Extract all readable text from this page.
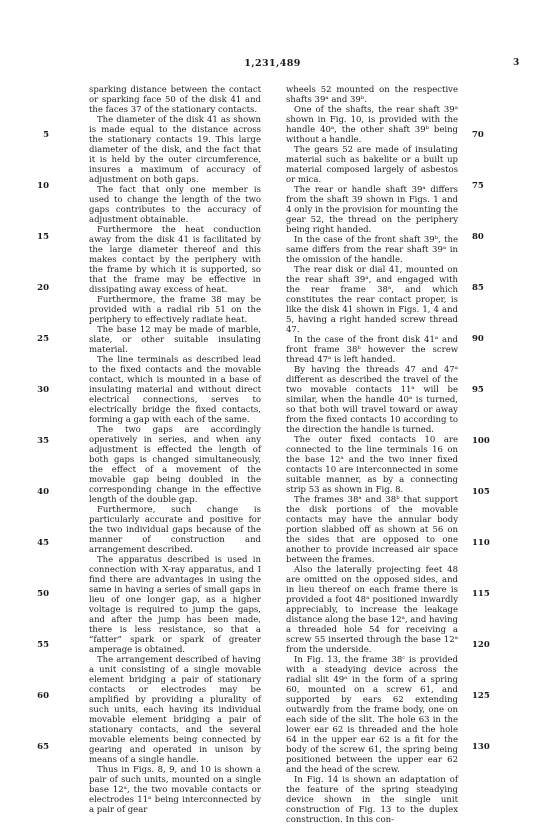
1,231,489	3

sparking distance between the contact or sparking face 50 of the disk 41 and the faces 37 of the stationary contacts.

The diameter of the disk 41 as shown is made equal to the distance across the stationary contacts 19. This large diameter of the disk, and the fact that it is held by the outer circumference, insures a maximum of accuracy of adjustment on both gaps.

The fact that only one member is used to change the length of the two gaps contributes to the accuracy of adjustment obtainable.

Furthermore the heat conduction away from the disk 41 is facilitated by the large diameter thereof and this makes contact by the periphery with the frame by which it is supported, so that the frame may be effective in dissipating away excess of heat.

Furthermore, the frame 38 may be provided with a radial rib 51 on the periphery to effectively radiate heat.

The base 12 may be made of marble, slate, or other suitable insulating material.

The line terminals as described lead to the fixed contacts and the movable contact, which is mounted in a base of insulating material and without direct electrical connections, serves to electrically bridge the fixed contacts, forming a gap with each of the same.

The two gaps are accordingly operatively in series, and when any adjustment is effected the length of both gaps is changed simultaneously, the effect of a movement of the movable gap being doubled in the corresponding change in the effective length of the double gap.

Furthermore, such change is particularly accurate and positive for the two individual gaps because of the manner of construction and arrangement described.

The apparatus described is used in connection with X-ray apparatus, and I find there are advantages in using the same in having a series of small gaps in lieu of one longer gap, as a higher voltage is required to jump the gaps, and after the jump has been made, there is less resistance, so that a “fatter” spark or spark of greater amperage is obtained.

The arrangement described of having a unit consisting of a single movable element bridging a pair of stationary contacts or electrodes may be amplified by providing a plurality of such units, each having its individual movable element bridging a pair of stationary contacts, and the several movable elements being connected by gearing and operated in unison by means of a single handle.

Thus in Figs. 8, 9, and 10 is shown a pair of such units, mounted on a single base 12ᵃ, the two movable contacts or electrodes 11ᵃ being interconnected by a pair of gear

wheels 52 mounted on the respective shafts 39ᵃ and 39ᵇ.

One of the shafts, the rear shaft 39ᵃ shown in Fig. 10, is provided with the handle 40ᵃ, the other shaft 39ᵇ being without a handle.

The gears 52 are made of insulating material such as bakelite or a built up material composed largely of asbestos or mica.

The rear or handle shaft 39ᵃ differs from the shaft 39 shown in Figs. 1 and 4 only in the provision for mounting the gear 52, the thread on the periphery being right handed.

In the case of the front shaft 39ᵇ, the same differs from the rear shaft 39ᵃ in the omission of the handle.

The rear disk or dial 41, mounted on the rear shaft 39ᵃ, and engaged with the rear frame 38ᵃ, and which constitutes the rear contact proper, is like the disk 41 shown in Figs. 1, 4 and 5, having a right handed screw thread 47.

In the case of the front disk 41ᵃ and front frame 38ᵇ however the screw thread 47ᵃ is left handed.

By having the threads 47 and 47ᵃ different as described the travel of the two movable contacts 11ᵃ will be similar, when the handle 40ᵃ is turned, so that both will travel toward or away from the fixed contacts 10 according to the direction the handle is turned.

The outer fixed contacts 10 are connected to the line terminals 16 on the base 12ᵃ and the two inner fixed contacts 10 are interconnected in some suitable manner, as by a connecting strip 53 as shown in Fig. 8.

The frames 38ᵃ and 38ᵇ that support the disk portions of the movable contacts may have the annular body portion slabbed off as shown at 56 on the sides that are opposed to one another to provide increased air space between the frames.

Also the laterally projecting feet 48 are omitted on the opposed sides, and in lieu thereof on each frame there is provided a foot 48ᵃ positioned inwardly appreciably, to increase the leakage distance along the base 12ᵃ, and having a threaded hole 54 for receiving a screw 55 inserted through the base 12ᵃ from the underside.

In Fig. 13, the frame 38ᶜ is provided with a steadying device across the radial slit 49ᵃ in the form of a spring 60, mounted on a screw 61, and supported by ears 62 extending outwardly from the frame body, one on each side of the slit. The hole 63 in the lower ear 62 is threaded and the hole 64 in the upper ear 62 is a fit for the body of the screw 61, the spring being positioned between the upper ear 62 and the head of the screw.

In Fig. 14 is shown an adaptation of the feature of the spring steadying device shown in the single unit construction of Fig. 13 to the duplex construction. In this con-

5
10
15
20
25
30
35
40
45
50
55
60
65
70
75
80
85
90
95
100
105
110
115
120
125
130
